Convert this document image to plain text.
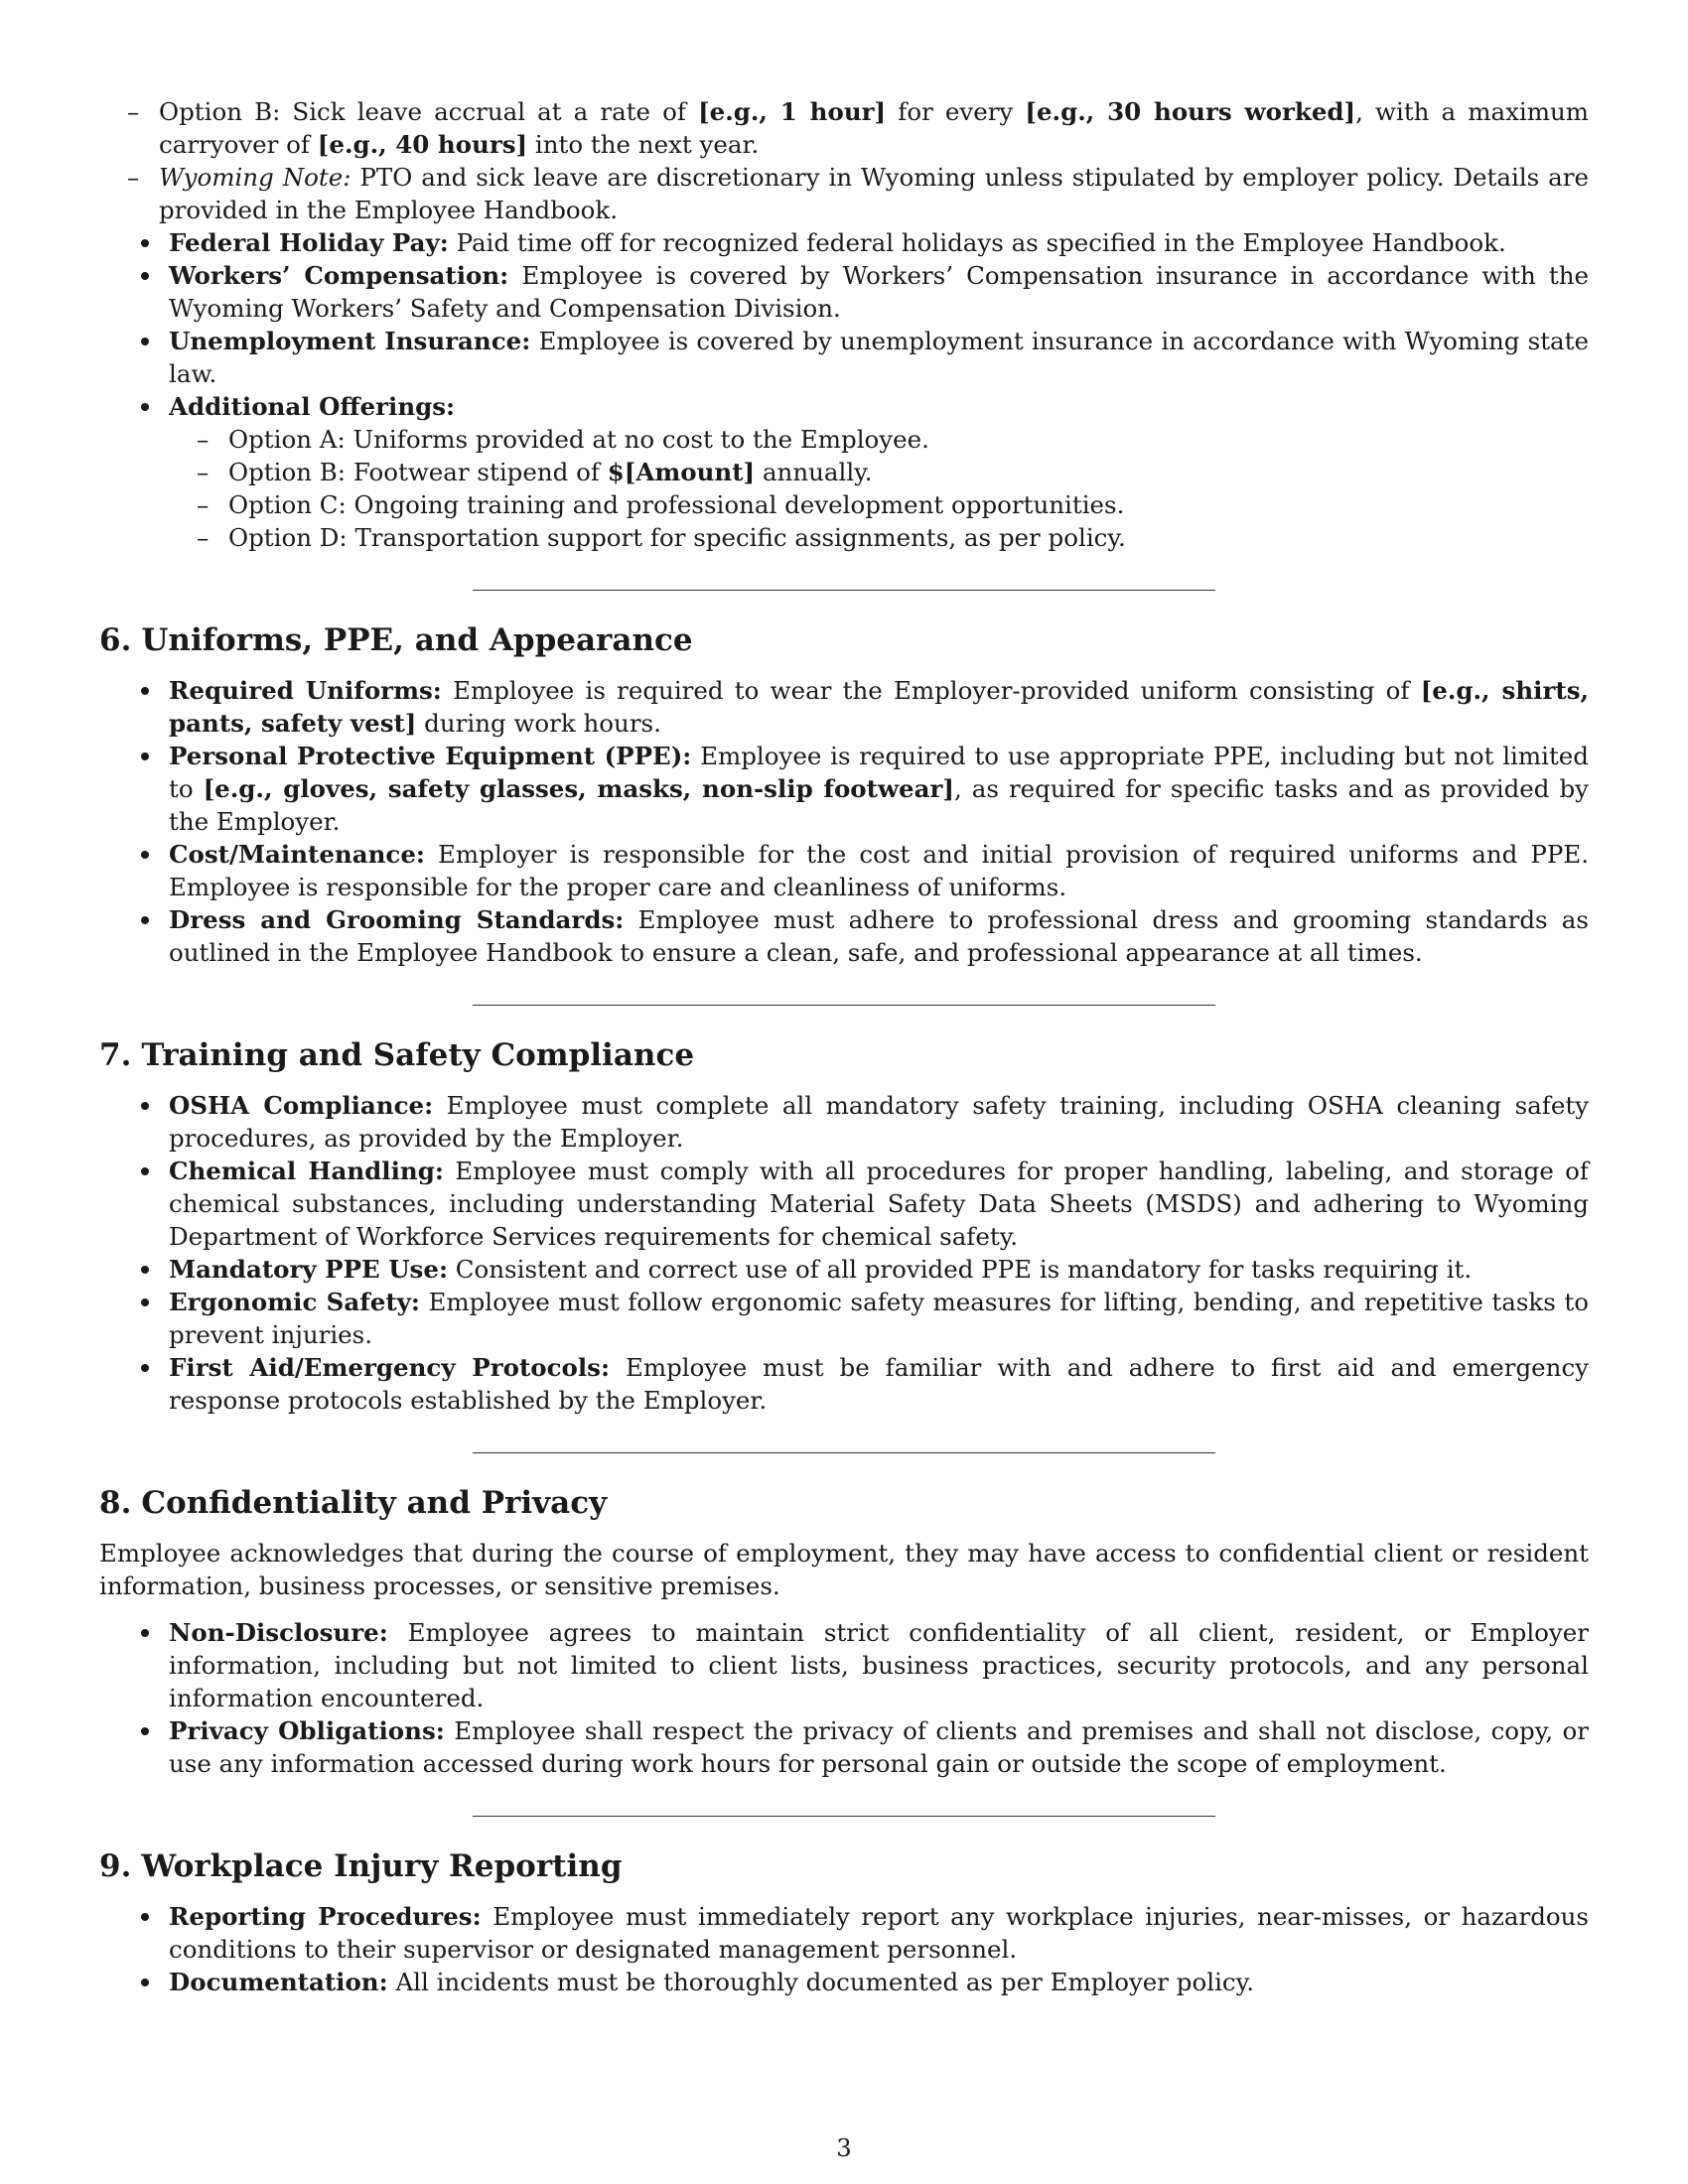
– Option B: Sick leave accrual at a rate of [e.g., 1 hour] for every [e.g., 30 hours worked], with a maximum carryover of [e.g., 40 hours] into the next year.
– Wyoming Note: PTO and sick leave are discretionary in Wyoming unless stipulated by employer policy. Details are provided in the Employee Handbook.
Federal Holiday Pay: Paid time off for recognized federal holidays as specified in the Employee Handbook.
Workers’ Compensation: Employee is covered by Workers’ Compensation insurance in accordance with the Wyoming Workers’ Safety and Compensation Division.
Unemployment Insurance: Employee is covered by unemployment insurance in accordance with Wyoming state law.
Additional Offerings:
– Option A: Uniforms provided at no cost to the Employee.
– Option B: Footwear stipend of $[Amount] annually.
– Option C: Ongoing training and professional development opportunities.
– Option D: Transportation support for specific assignments, as per policy.
6. Uniforms, PPE, and Appearance
Required Uniforms: Employee is required to wear the Employer-provided uniform consisting of [e.g., shirts, pants, safety vest] during work hours.
Personal Protective Equipment (PPE): Employee is required to use appropriate PPE, including but not limited to [e.g., gloves, safety glasses, masks, non-slip footwear], as required for specific tasks and as provided by the Employer.
Cost/Maintenance: Employer is responsible for the cost and initial provision of required uniforms and PPE. Employee is responsible for the proper care and cleanliness of uniforms.
Dress and Grooming Standards: Employee must adhere to professional dress and grooming standards as outlined in the Employee Handbook to ensure a clean, safe, and professional appearance at all times.
7. Training and Safety Compliance
OSHA Compliance: Employee must complete all mandatory safety training, including OSHA cleaning safety procedures, as provided by the Employer.
Chemical Handling: Employee must comply with all procedures for proper handling, labeling, and storage of chemical substances, including understanding Material Safety Data Sheets (MSDS) and adhering to Wyoming Department of Workforce Services requirements for chemical safety.
Mandatory PPE Use: Consistent and correct use of all provided PPE is mandatory for tasks requiring it.
Ergonomic Safety: Employee must follow ergonomic safety measures for lifting, bending, and repetitive tasks to prevent injuries.
First Aid/Emergency Protocols: Employee must be familiar with and adhere to first aid and emergency response protocols established by the Employer.
8. Confidentiality and Privacy

Employee acknowledges that during the course of employment, they may have access to confidential client or resident information, business processes, or sensitive premises.

Non-Disclosure: Employee agrees to maintain strict confidentiality of all client, resident, or Employer information, including but not limited to client lists, business practices, security protocols, and any personal information encountered.
Privacy Obligations: Employee shall respect the privacy of clients and premises and shall not disclose, copy, or use any information accessed during work hours for personal gain or outside the scope of employment.
9. Workplace Injury Reporting
Reporting Procedures: Employee must immediately report any workplace injuries, near-misses, or hazardous conditions to their supervisor or designated management personnel.
Documentation: All incidents must be thoroughly documented as per Employer policy.
3
